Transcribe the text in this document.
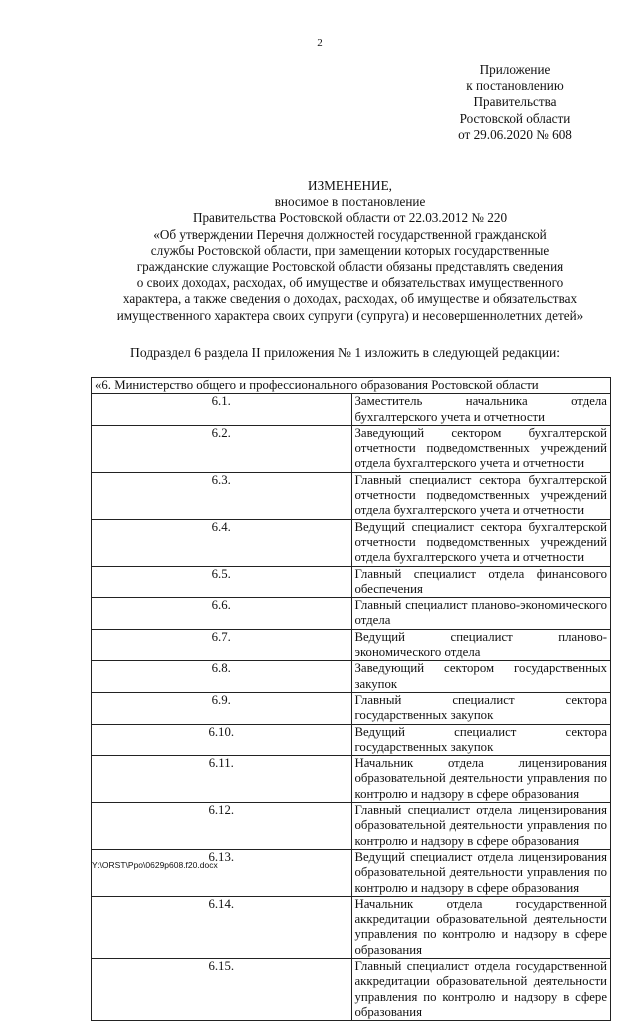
2
Приложение
к постановлению
Правительства
Ростовской области
от 29.06.2020 № 608
ИЗМЕНЕНИЕ,
вносимое в постановление
Правительства Ростовской области от 22.03.2012 № 220
«Об утверждении Перечня должностей государственной гражданской
службы Ростовской области, при замещении которых государственные
гражданские служащие Ростовской области обязаны представлять сведения
о своих доходах, расходах, об имуществе и обязательствах имущественного
характера, а также сведения о доходах, расходах, об имуществе и обязательствах
имущественного характера своих супруги (супруга) и несовершеннолетних детей»
Подраздел 6 раздела II приложения № 1 изложить в следующей редакции:
«6. Министерство общего и профессионального образования Ростовской области	
6.1.	Заместитель начальника отдела бухгалтерского учета и отчетности
6.2.	Заведующий сектором бухгалтерской отчетности подведомственных учреждений отдела бухгалтерского учета и отчетности
6.3.	Главный специалист сектора бухгалтерской отчетности подведомственных учреждений отдела бухгалтерского учета и отчетности
6.4.	Ведущий специалист сектора бухгалтерской отчетности подведомственных учреждений отдела бухгалтерского учета и отчетности
6.5.	Главный специалист отдела финансового обеспечения
6.6.	Главный специалист планово-экономического отдела
6.7.	Ведущий специалист планово-экономического отдела
6.8.	Заведующий сектором государственных закупок
6.9.	Главный специалист сектора государственных закупок
6.10.	Ведущий специалист сектора государственных закупок
6.11.	Начальник отдела лицензирования образовательной деятельности управления по контролю и надзору в сфере образования
6.12.	Главный специалист отдела лицензирования образовательной деятельности управления по контролю и надзору в сфере образования
6.13.	Ведущий специалист отдела лицензирования образовательной деятельности управления по контролю и надзору в сфере образования
6.14.	Начальник отдела государственной аккредитации образовательной деятельности управления по контролю и надзору в сфере образования
6.15.	Главный специалист отдела государственной аккредитации образовательной деятельности управления по контролю и надзору в сфере образования
Y:\ORST\Ppo\0629p608.f20.docx
